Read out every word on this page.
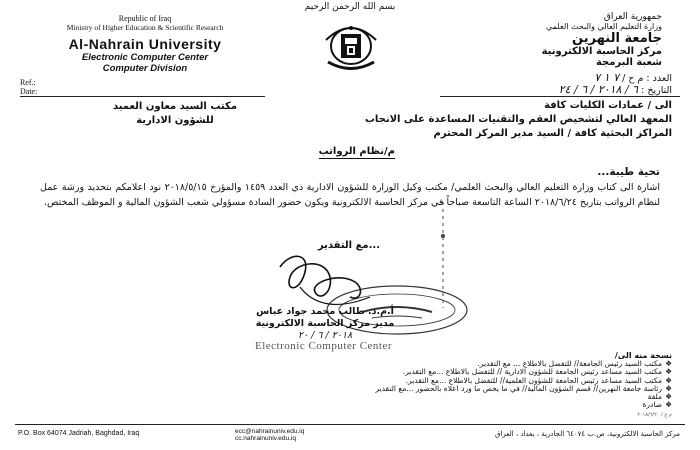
بسم الله الرحمن الرحيم
Republic of Iraq
Ministry of Higher Education & Scientific Research
Al-Nahrain University
Electronic Computer Center
Computer Division
جمهورية العراق
وزارة التعليم العالي والبحث العلمي
جامعة النهرين
مركز الحاسبة الالكترونية
شعبة البرمجة
Ref.:
Date:
العدد : م ح / ٧ ١ ٧
التاريخ : ٦ / ٢٠١٨ / ٦ / ٢٤
الى / عمادات الكليات كافة
المعهد العالي لتشخيص العقم والتقنيات المساعدة على الانجاب
المراكز البحثية كافة / السيد مدير المركز المحترم
مكتب السيد معاون العميد
للشؤون الادارية
م/نظام الرواتب
تحية طيبة...
اشارة الى كتاب وزارة التعليم العالي والبحث العلمي/ مكتب وكيل الوزارة للشؤون الادارية ذي العدد ١٤٥٩ والمؤرخ ٢٠١٨/٥/١٥ نود اعلامكم بتحديد ورشة عمل لنظام الرواتب بتاريخ ٢٠١٨/٦/٢٤ الساعة التاسعة صباحاً في مركز الحاسبة الالكترونية ويكون حضور السادة مسؤولي شعب الشؤون المالية و الموظف المختص.
...مع التقدير
أ.م.د. طالب محمد جواد عباس
مدير مركز الحاسبة الالكترونية
٢٠١٨ / ٦ / ٢٠
Electronic Computer Center
نسخة منه الى/
❖مكتب السيد رئيس الجامعة// للتفضل بالاطلاع ... مع التقدير.
❖مكتب السيد مساعد رئيس الجامعة للشؤون الادارية // للتفضل بالاطلاع ...مع التقدير.
❖مكتب السيد مساعد رئيس الجامعة للشؤون العلمية// للتفضل بالاطلاع ...مع التقدير.
❖رئاسة جامعة النهرين// قسم الشؤون المالية// في ما يخص ما ورد اعلاه بالحضور ...مع التقدير
❖ملفة
❖صادرة
م ع / ٢٠١٨/٦/٢٠
P.O. Box 64074 Jadriah, Baghdad, Iraq	ecc@nahrainuniv.edu.iq
cc.nahrainuniv.edu.iq
مركز الحاسبة الالكترونية، ص.ب ٦٤٠٧٤ الجادرية ، بغداد ، العراق
